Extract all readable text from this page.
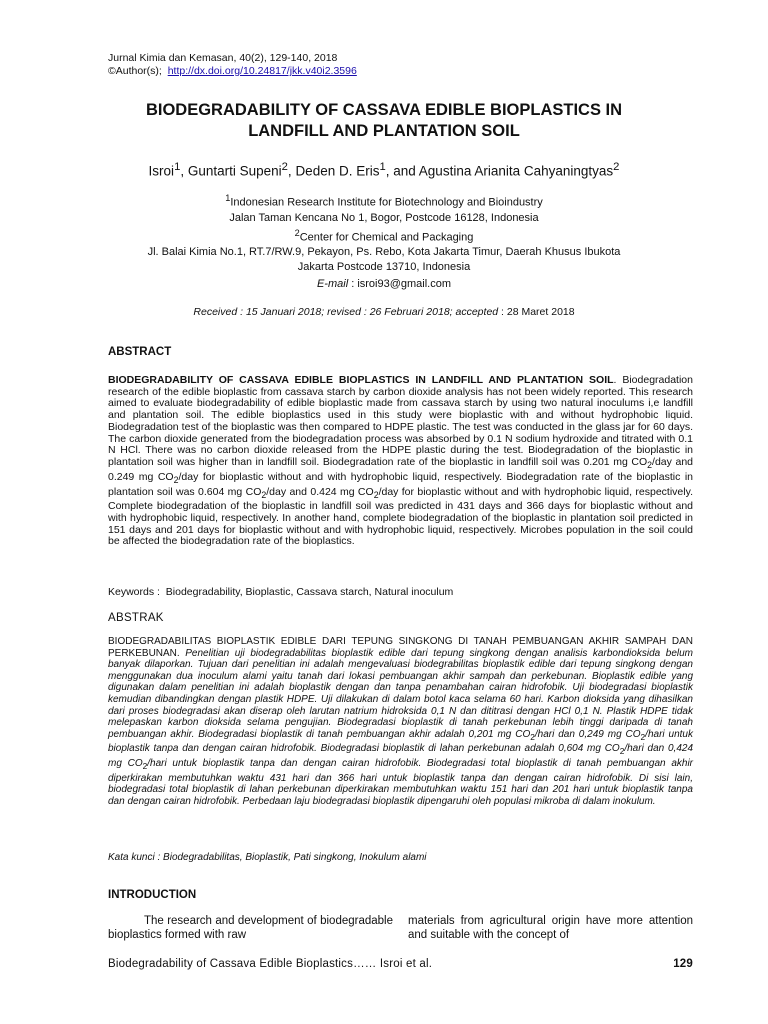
Jurnal Kimia dan Kemasan, 40(2), 129-140, 2018
©Author(s); http://dx.doi.org/10.24817/jkk.v40i2.3596
BIODEGRADABILITY OF CASSAVA EDIBLE BIOPLASTICS IN
LANDFILL AND PLANTATION SOIL
Isroi$^1$, Guntarti Supeni$^2$, Deden D. Eris$^1$, and Agustina Arianita Cahyaningtyas$^2$
$^1$Indonesian Research Institute for Biotechnology and Bioindustry
Jalan Taman Kencana No 1, Bogor, Postcode 16128, Indonesia
$^2$Center for Chemical and Packaging
Jl. Balai Kimia No.1, RT.7/RW.9, Pekayon, Ps. Rebo, Kota Jakarta Timur, Daerah Khusus Ibukota
Jakarta Postcode 13710, Indonesia
E-mail : isroi93@gmail.com
Received : 15 Januari 2018; revised : 26 Februari 2018; accepted : 28 Maret 2018
ABSTRACT
BIODEGRADABILITY OF CASSAVA EDIBLE BIOPLASTICS IN LANDFILL AND PLANTATION SOIL. Biodegradation research of the edible bioplastic from cassava starch by carbon dioxide analysis has not been widely reported. This research aimed to evaluate biodegradability of edible bioplastic made from cassava starch by using two natural inoculums i,e landfill and plantation soil. The edible bioplastics used in this study were bioplastic with and without hydrophobic liquid. Biodegradation test of the bioplastic was then compared to HDPE plastic. The test was conducted in the glass jar for 60 days. The carbon dioxide generated from the biodegradation process was absorbed by 0.1 N sodium hydroxide and titrated with 0.1 N HCl. There was no carbon dioxide released from the HDPE plastic during the test. Biodegradation of the bioplastic in plantation soil was higher than in landfill soil. Biodegradation rate of the bioplastic in landfill soil was 0.201 mg $CO_2$/day and 0.249 mg $CO_2$/day for bioplastic without and with hydrophobic liquid, respectively. Biodegradation rate of the bioplastic in plantation soil was 0.604 mg $CO_2$/day and 0.424 mg $CO_2$/day for bioplastic without and with hydrophobic liquid, respectively. Complete biodegradation of the bioplastic in landfill soil was predicted in 431 days and 366 days for bioplastic without and with hydrophobic liquid, respectively. In another hand, complete biodegradation of the bioplastic in plantation soil predicted in 151 days and 201 days for bioplastic without and with hydrophobic liquid, respectively. Microbes population in the soil could be affected the biodegradation rate of the bioplastics.
Keywords : Biodegradability, Bioplastic, Cassava starch, Natural inoculum
ABSTRAK
BIODEGRADABILITAS BIOPLASTIK EDIBLE DARI TEPUNG SINGKONG DI TANAH PEMBUANGAN AKHIR SAMPAH DAN PERKEBUNAN. Penelitian uji biodegradabilitas bioplastik edible dari tepung singkong dengan analisis karbondioksida belum banyak dilaporkan. Tujuan dari penelitian ini adalah mengevaluasi biodegrabilitas bioplastik edible dari tepung singkong dengan menggunakan dua inoculum alami yaitu tanah dari lokasi pembuangan akhir sampah dan perkebunan. Bioplastik edible yang digunakan dalam penelitian ini adalah bioplastik dengan dan tanpa penambahan cairan hidrofobik. Uji biodegradasi bioplastik kemudian dibandingkan dengan plastik HDPE. Uji dilakukan di dalam botol kaca selama 60 hari. Karbon dioksida yang dihasilkan dari proses biodegradasi akan diserap oleh larutan natrium hidroksida 0,1 N dan dititrasi dengan HCl 0,1 N. Plastik HDPE tidak melepaskan karbon dioksida selama pengujian. Biodegradasi bioplastik di tanah perkebunan lebih tinggi daripada di tanah pembuangan akhir. Biodegradasi bioplastik di tanah pembuangan akhir adalah 0,201 mg $CO_2$/hari dan 0,249 mg $CO_2$/hari untuk bioplastik tanpa dan dengan cairan hidrofobik. Biodegradasi bioplastik di lahan perkebunan adalah 0,604 mg $CO_2$/hari dan 0,424 mg $CO_2$/hari untuk bioplastik tanpa dan dengan cairan hidrofobik. Biodegradasi total bioplastik di tanah pembuangan akhir diperkirakan membutuhkan waktu 431 hari dan 366 hari untuk bioplastik tanpa dan dengan cairan hidrofobik. Di sisi lain, biodegradasi total bioplastik di lahan perkebunan diperkirakan membutuhkan waktu 151 hari dan 201 hari untuk bioplastik tanpa dan dengan cairan hidrofobik. Perbedaan laju biodegradasi bioplastik dipengaruhi oleh populasi mikroba di dalam inokulum.
Kata kunci : Biodegradabilitas, Bioplastik, Pati singkong, Inokulum alami
INTRODUCTION
The research and development of biodegradable bioplastics formed with raw
materials from agricultural origin have more attention and suitable with the concept of
Biodegradability of Cassava Edible Bioplastics…… Isroi et al.	129
